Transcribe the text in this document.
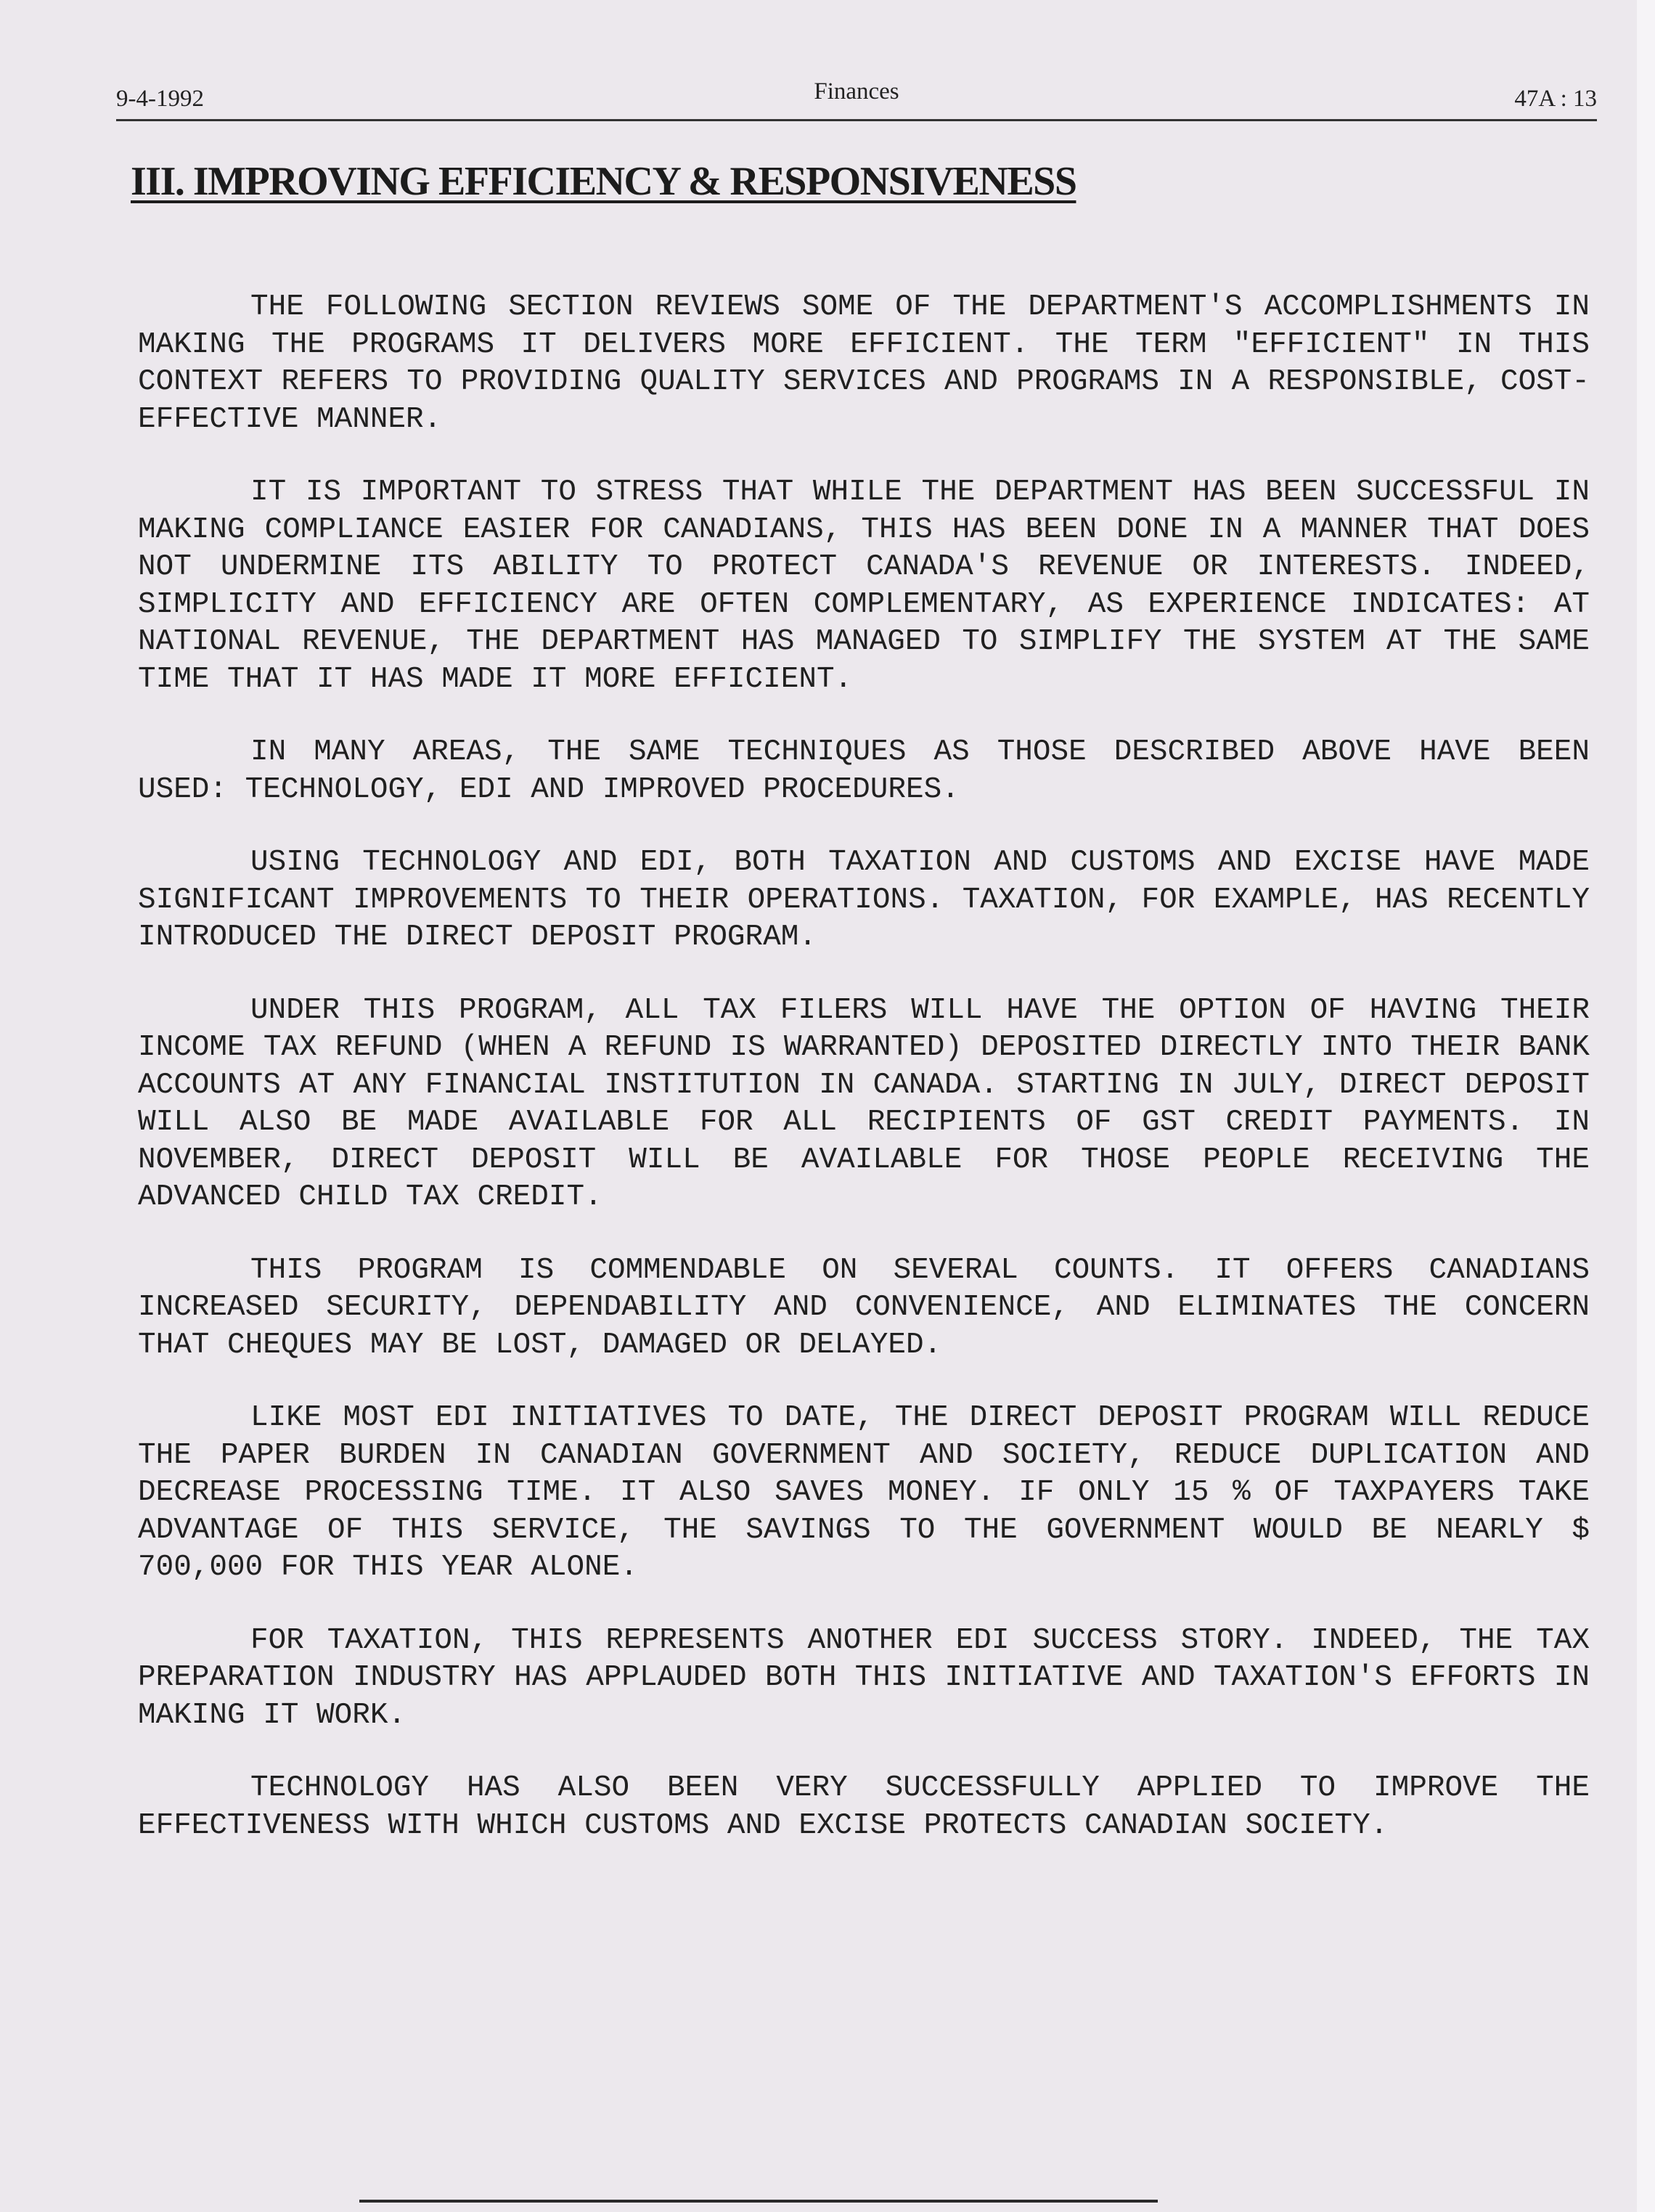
9-4-1992	Finances	47A : 13
III. IMPROVING EFFICIENCY & RESPONSIVENESS

THE FOLLOWING SECTION REVIEWS SOME OF THE DEPARTMENT'S ACCOMPLISHMENTS IN MAKING THE PROGRAMS IT DELIVERS MORE EFFICIENT. THE TERM "EFFICIENT" IN THIS CONTEXT REFERS TO PROVIDING QUALITY SERVICES AND PROGRAMS IN A RESPONSIBLE, COST-EFFECTIVE MANNER.

IT IS IMPORTANT TO STRESS THAT WHILE THE DEPARTMENT HAS BEEN SUCCESSFUL IN MAKING COMPLIANCE EASIER FOR CANADIANS, THIS HAS BEEN DONE IN A MANNER THAT DOES NOT UNDERMINE ITS ABILITY TO PROTECT CANADA'S REVENUE OR INTERESTS. INDEED, SIMPLICITY AND EFFICIENCY ARE OFTEN COMPLEMENTARY, AS EXPERIENCE INDICATES: AT NATIONAL REVENUE, THE DEPARTMENT HAS MANAGED TO SIMPLIFY THE SYSTEM AT THE SAME TIME THAT IT HAS MADE IT MORE EFFICIENT.

IN MANY AREAS, THE SAME TECHNIQUES AS THOSE DESCRIBED ABOVE HAVE BEEN USED: TECHNOLOGY, EDI AND IMPROVED PROCEDURES.

USING TECHNOLOGY AND EDI, BOTH TAXATION AND CUSTOMS AND EXCISE HAVE MADE SIGNIFICANT IMPROVEMENTS TO THEIR OPERATIONS. TAXATION, FOR EXAMPLE, HAS RECENTLY INTRODUCED THE DIRECT DEPOSIT PROGRAM.

UNDER THIS PROGRAM, ALL TAX FILERS WILL HAVE THE OPTION OF HAVING THEIR INCOME TAX REFUND (WHEN A REFUND IS WARRANTED) DEPOSITED DIRECTLY INTO THEIR BANK ACCOUNTS AT ANY FINANCIAL INSTITUTION IN CANADA. STARTING IN JULY, DIRECT DEPOSIT WILL ALSO BE MADE AVAILABLE FOR ALL RECIPIENTS OF GST CREDIT PAYMENTS. IN NOVEMBER, DIRECT DEPOSIT WILL BE AVAILABLE FOR THOSE PEOPLE RECEIVING THE ADVANCED CHILD TAX CREDIT.

THIS PROGRAM IS COMMENDABLE ON SEVERAL COUNTS. IT OFFERS CANADIANS INCREASED SECURITY, DEPENDABILITY AND CONVENIENCE, AND ELIMINATES THE CONCERN THAT CHEQUES MAY BE LOST, DAMAGED OR DELAYED.

LIKE MOST EDI INITIATIVES TO DATE, THE DIRECT DEPOSIT PROGRAM WILL REDUCE THE PAPER BURDEN IN CANADIAN GOVERNMENT AND SOCIETY, REDUCE DUPLICATION AND DECREASE PROCESSING TIME. IT ALSO SAVES MONEY. IF ONLY 15 % OF TAXPAYERS TAKE ADVANTAGE OF THIS SERVICE, THE SAVINGS TO THE GOVERNMENT WOULD BE NEARLY $ 700,000 FOR THIS YEAR ALONE.

FOR TAXATION, THIS REPRESENTS ANOTHER EDI SUCCESS STORY. INDEED, THE TAX PREPARATION INDUSTRY HAS APPLAUDED BOTH THIS INITIATIVE AND TAXATION'S EFFORTS IN MAKING IT WORK.

TECHNOLOGY HAS ALSO BEEN VERY SUCCESSFULLY APPLIED TO IMPROVE THE EFFECTIVENESS WITH WHICH CUSTOMS AND EXCISE PROTECTS CANADIAN SOCIETY.
